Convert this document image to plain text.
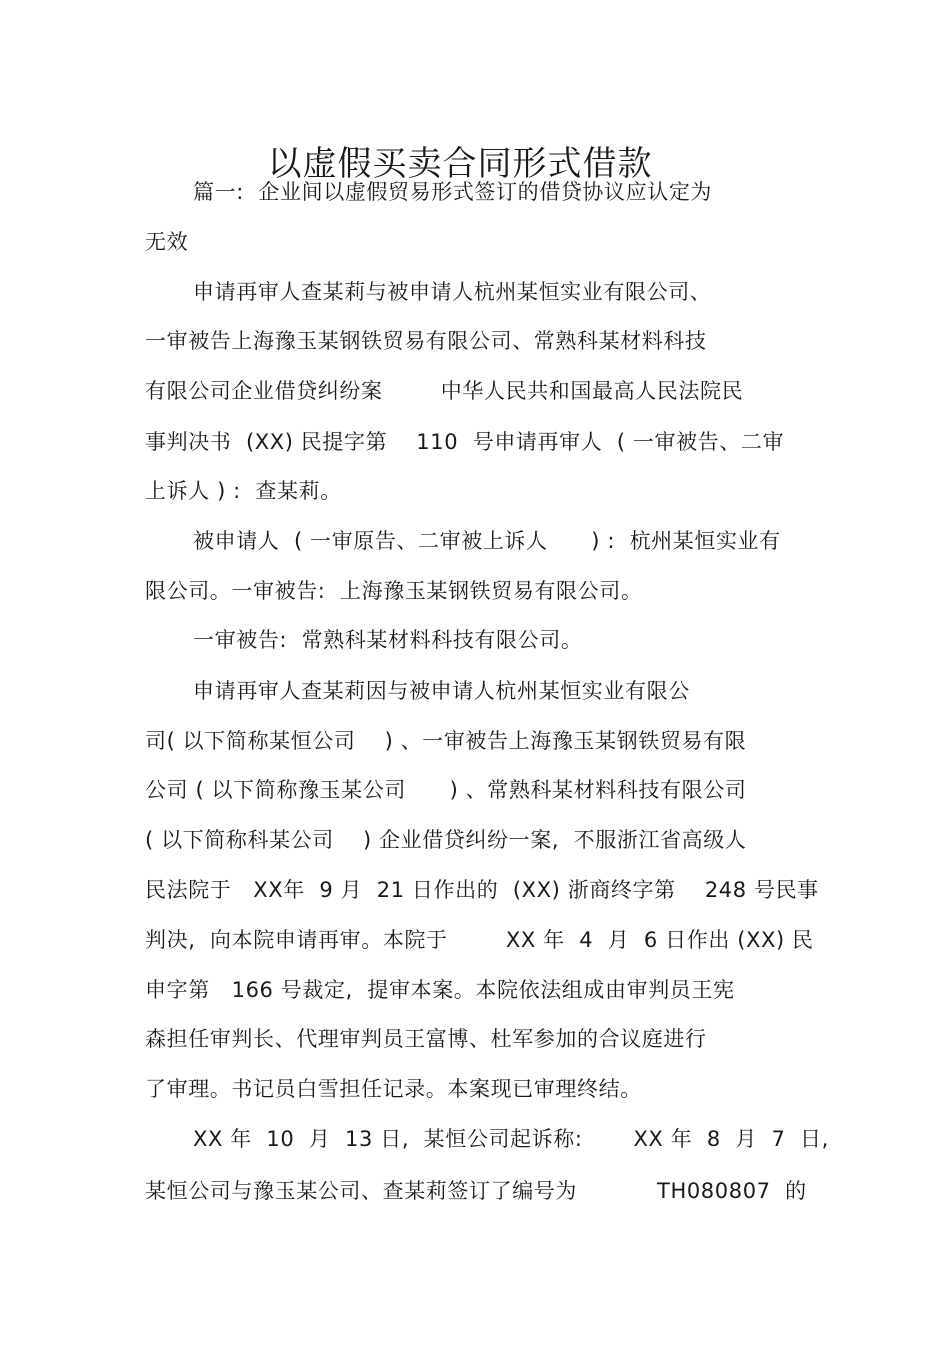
以虚假买卖合同形式借款
篇一:  企业间以虚假贸易形式签订的借贷协议应认定为
无效
申请再审人查某莉与被申请人杭州某恒实业有限公司、
一审被告上海豫玉某钢铁贸易有限公司、常熟科某材料科技
有限公司企业借贷纠纷案        中华人民共和国最高人民法院民
事判决书  (XX) 民提字第    110  号申请再审人  ( 一审被告、二审
上诉人 ) :  查某莉。
被申请人  ( 一审原告、二审被上诉人      ) :  杭州某恒实业有
限公司。一审被告:  上海豫玉某钢铁贸易有限公司。
一审被告:  常熟科某材料科技有限公司。
申请再审人查某莉因与被申请人杭州某恒实业有限公
司( 以下简称某恒公司    ) 、一审被告上海豫玉某钢铁贸易有限
公司 ( 以下简称豫玉某公司      ) 、常熟科某材料科技有限公司
( 以下简称科某公司    ) 企业借贷纠纷一案,  不服浙江省高级人
民法院于   XX年  9 月  21 日作出的  (XX) 浙商终字第    248 号民事
判决,  向本院申请再审。本院于        XX 年  4  月  6 日作出 (XX) 民
申字第   166 号裁定,  提审本案。本院依法组成由审判员王宪
森担任审判长、代理审判员王富博、杜军参加的合议庭进行
了审理。书记员白雪担任记录。本案现已审理终结。
XX 年  10  月  13 日,  某恒公司起诉称:       XX 年  8  月  7  日,
某恒公司与豫玉某公司、查某莉签订了编号为           TH080807  的
